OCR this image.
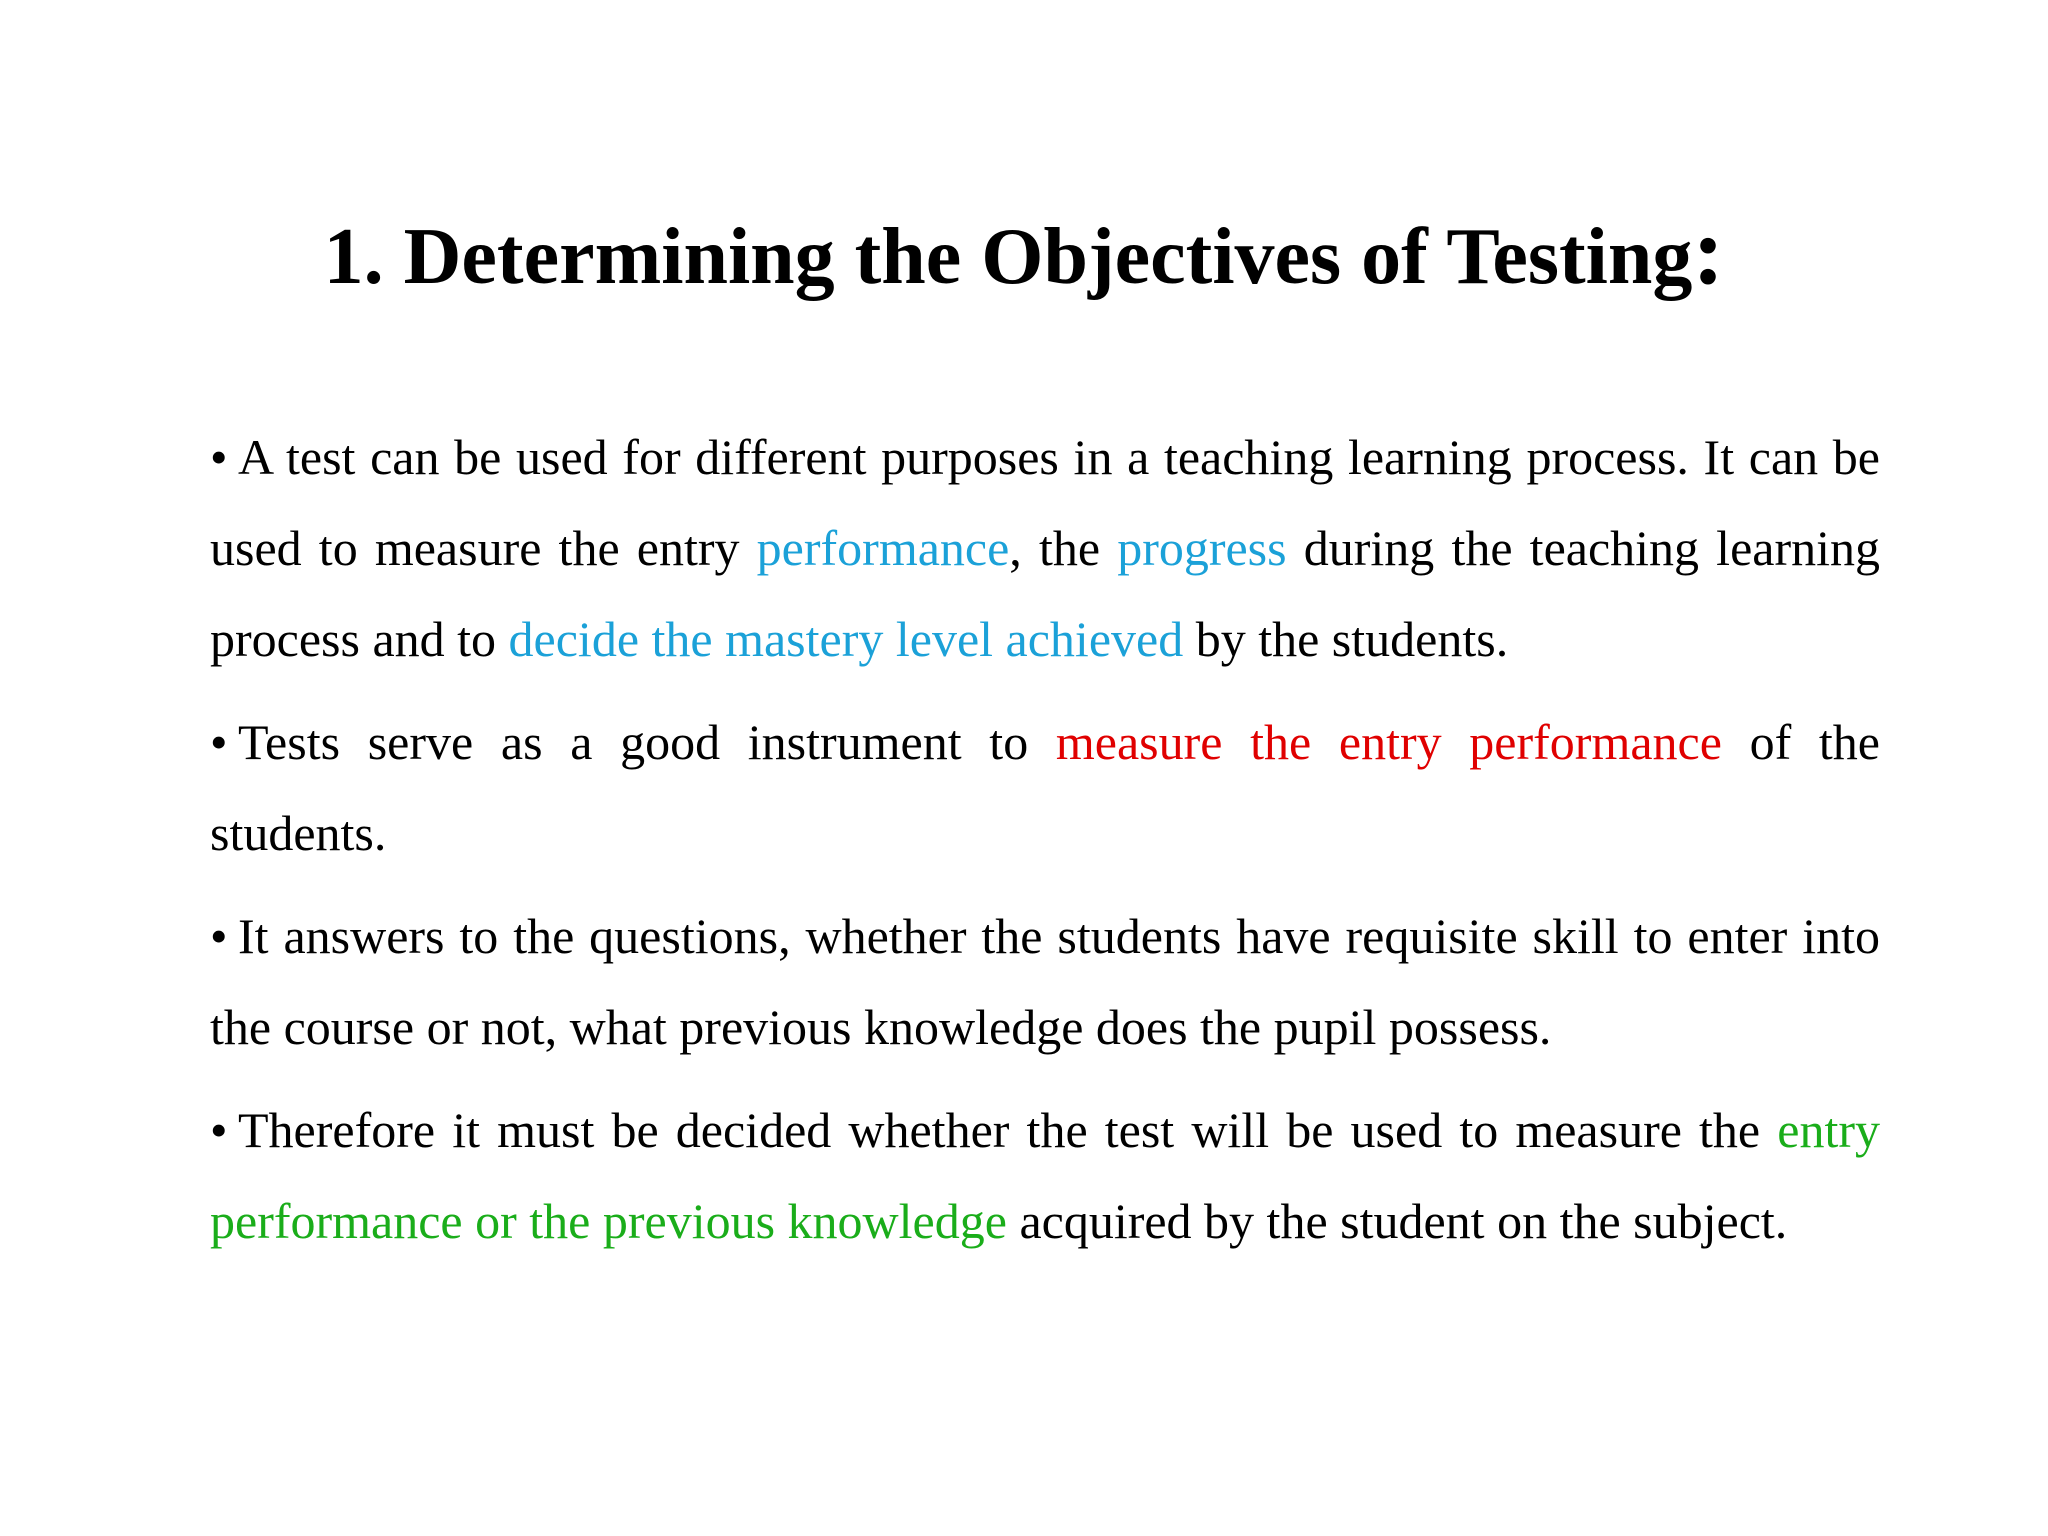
1. Determining the Objectives of Testing:

• A test can be used for different purposes in a teaching learning process. It can be used to measure the entry performance, the progress during the teaching learning process and to decide the mastery level achieved by the students.

• Tests serve as a good instrument to measure the entry performance of the students.

• It answers to the questions, whether the students have requisite skill to enter into the course or not, what previous knowledge does the pupil possess.

• Therefore it must be decided whether the test will be used to measure the entry performance or the previous knowledge acquired by the student on the subject.
